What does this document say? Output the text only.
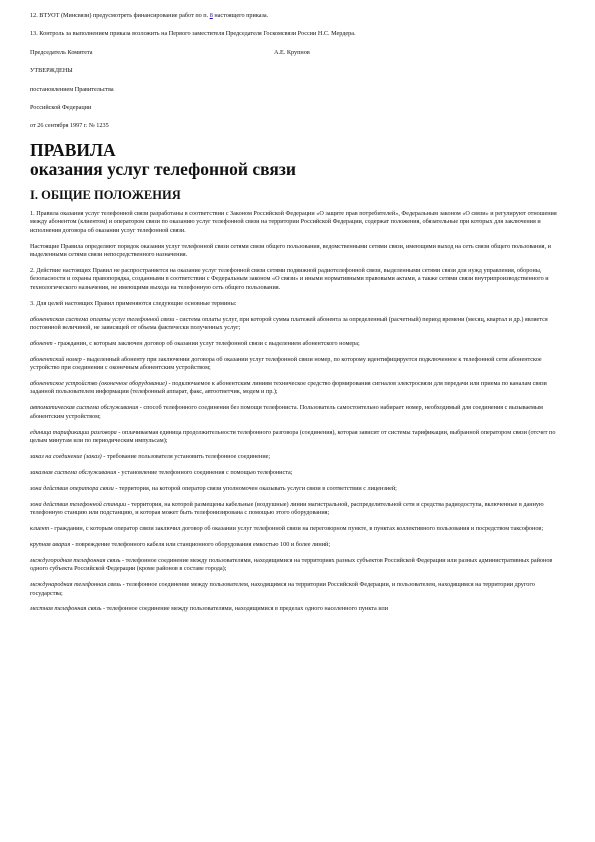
12. ВТУОТ (Минсвязи) предусмотреть финансирование работ по п. 8 настоящего приказа.

13. Контроль за выполнением приказа возложить на Первого заместителя Председателя Госкомсвязи России Н.С. Мердера.

Председатель Комитета	А.Е. Крупнов

УТВЕРЖДЕНЫ

постановлением Правительства

Российской Федерации

от 26 сентября 1997 г. № 1235

ПРАВИЛА
оказания услуг телефонной связи
I. ОБЩИЕ ПОЛОЖЕНИЯ

1. Правила оказания услуг телефонной связи разработаны в соответствии с Законом Российской Федерации «О защите прав потребителей», Федеральным законом «О связи» и регулируют отношения между абонентом (клиентом) и оператором связи по оказанию услуг телефонной связи на территории Российской Федерации, содержат положения, обязательные при которых для заключения и исполнения договора об оказании услуг телефонной связи.

Настоящие Правила определяют порядок оказания услуг телефонной связи сетями связи общего пользования, ведомственными сетями связи, имеющими выход на сеть связи общего пользования, и выделенными сетями связи непосредственного назначения.

2. Действие настоящих Правил не распространяется на оказание услуг телефонной связи сетями подвижной радиотелефонной связи, выделенными сетями связи для нужд управления, обороны, безопасности и охраны правопорядка, созданными в соответствии с Федеральным законом «О связи» и иными нормативными правовыми актами, а также сетями связи внутрипроизводственного и технологического назначения, не имеющими выхода на телефонную сеть общего пользования.

3. Для целей настоящих Правил применяются следующие основные термины:

абонентская система оплаты услуг телефонной связи - система оплаты услуг, при которой сумма платежей абонента за определенный (расчетный) период времени (месяц, квартал и др.) является постоянной величиной, не зависящей от объема фактически полученных услуг;

абонент - гражданин, с которым заключен договор об оказании услуг телефонной связи с выделением абонентского номера;

абонентский номер - выделенный абоненту при заключении договора об оказании услуг телефонной связи номер, по которому идентифицируется подключенное к телефонной сети абонентское устройство при соединении с оконечным абонентским устройством;

абонентское устройство (оконечное оборудование) - подключаемое к абонентским линиям техническое средство формирования сигналов электросвязи для передачи или приема по каналам связи заданной пользователем информации (телефонный аппарат, факс, автоответчик, модем и пр.);

автоматическая система обслуживания - способ телефонного соединения без помощи телефониста. Пользователь самостоятельно набирает номер, необходимый для соединения с вызываемым абонентским устройством;

единица тарификации разговора - оплачиваемая единица продолжительности телефонного разговора (соединения), которая зависит от системы тарификации, выбранной оператором связи (отсчет по целым минутам или по периодическим импульсам);

заказ на соединение (заказ) - требование пользователя установить телефонное соединение;

заказная система обслуживания - установление телефонного соединения с помощью телефониста;

зона действия оператора связи - территория, на которой оператор связи уполномочен оказывать услуги связи в соответствии с лицензией;

зона действия телефонной станции - территория, на которой размещены кабельные (воздушные) линии магистральной, распределительной сети и средства радиодоступа, включенные в данную телефонную станцию или подстанцию, и которая может быть телефонизирована с помощью этого оборудования;

клиент - гражданин, с которым оператор связи заключил договор об оказании услуг телефонной связи на переговорном пункте, в пунктах коллективного пользования и посредством таксофонов;

крупная авария - повреждение телефонного кабеля или станционного оборудования емкостью 100 и более линий;

междугородная телефонная связь - телефонное соединение между пользователями, находящимися на территориях разных субъектов Российской Федерации или разных административных районов одного субъекта Российской Федерации (кроме районов в составе города);

международная телефонная связь - телефонное соединение между пользователем, находящимся на территории Российской Федерации, и пользователем, находящимся на территории другого государства;

местная телефонная связь - телефонное соединение между пользователями, находящимися в пределах одного населенного пункта или
